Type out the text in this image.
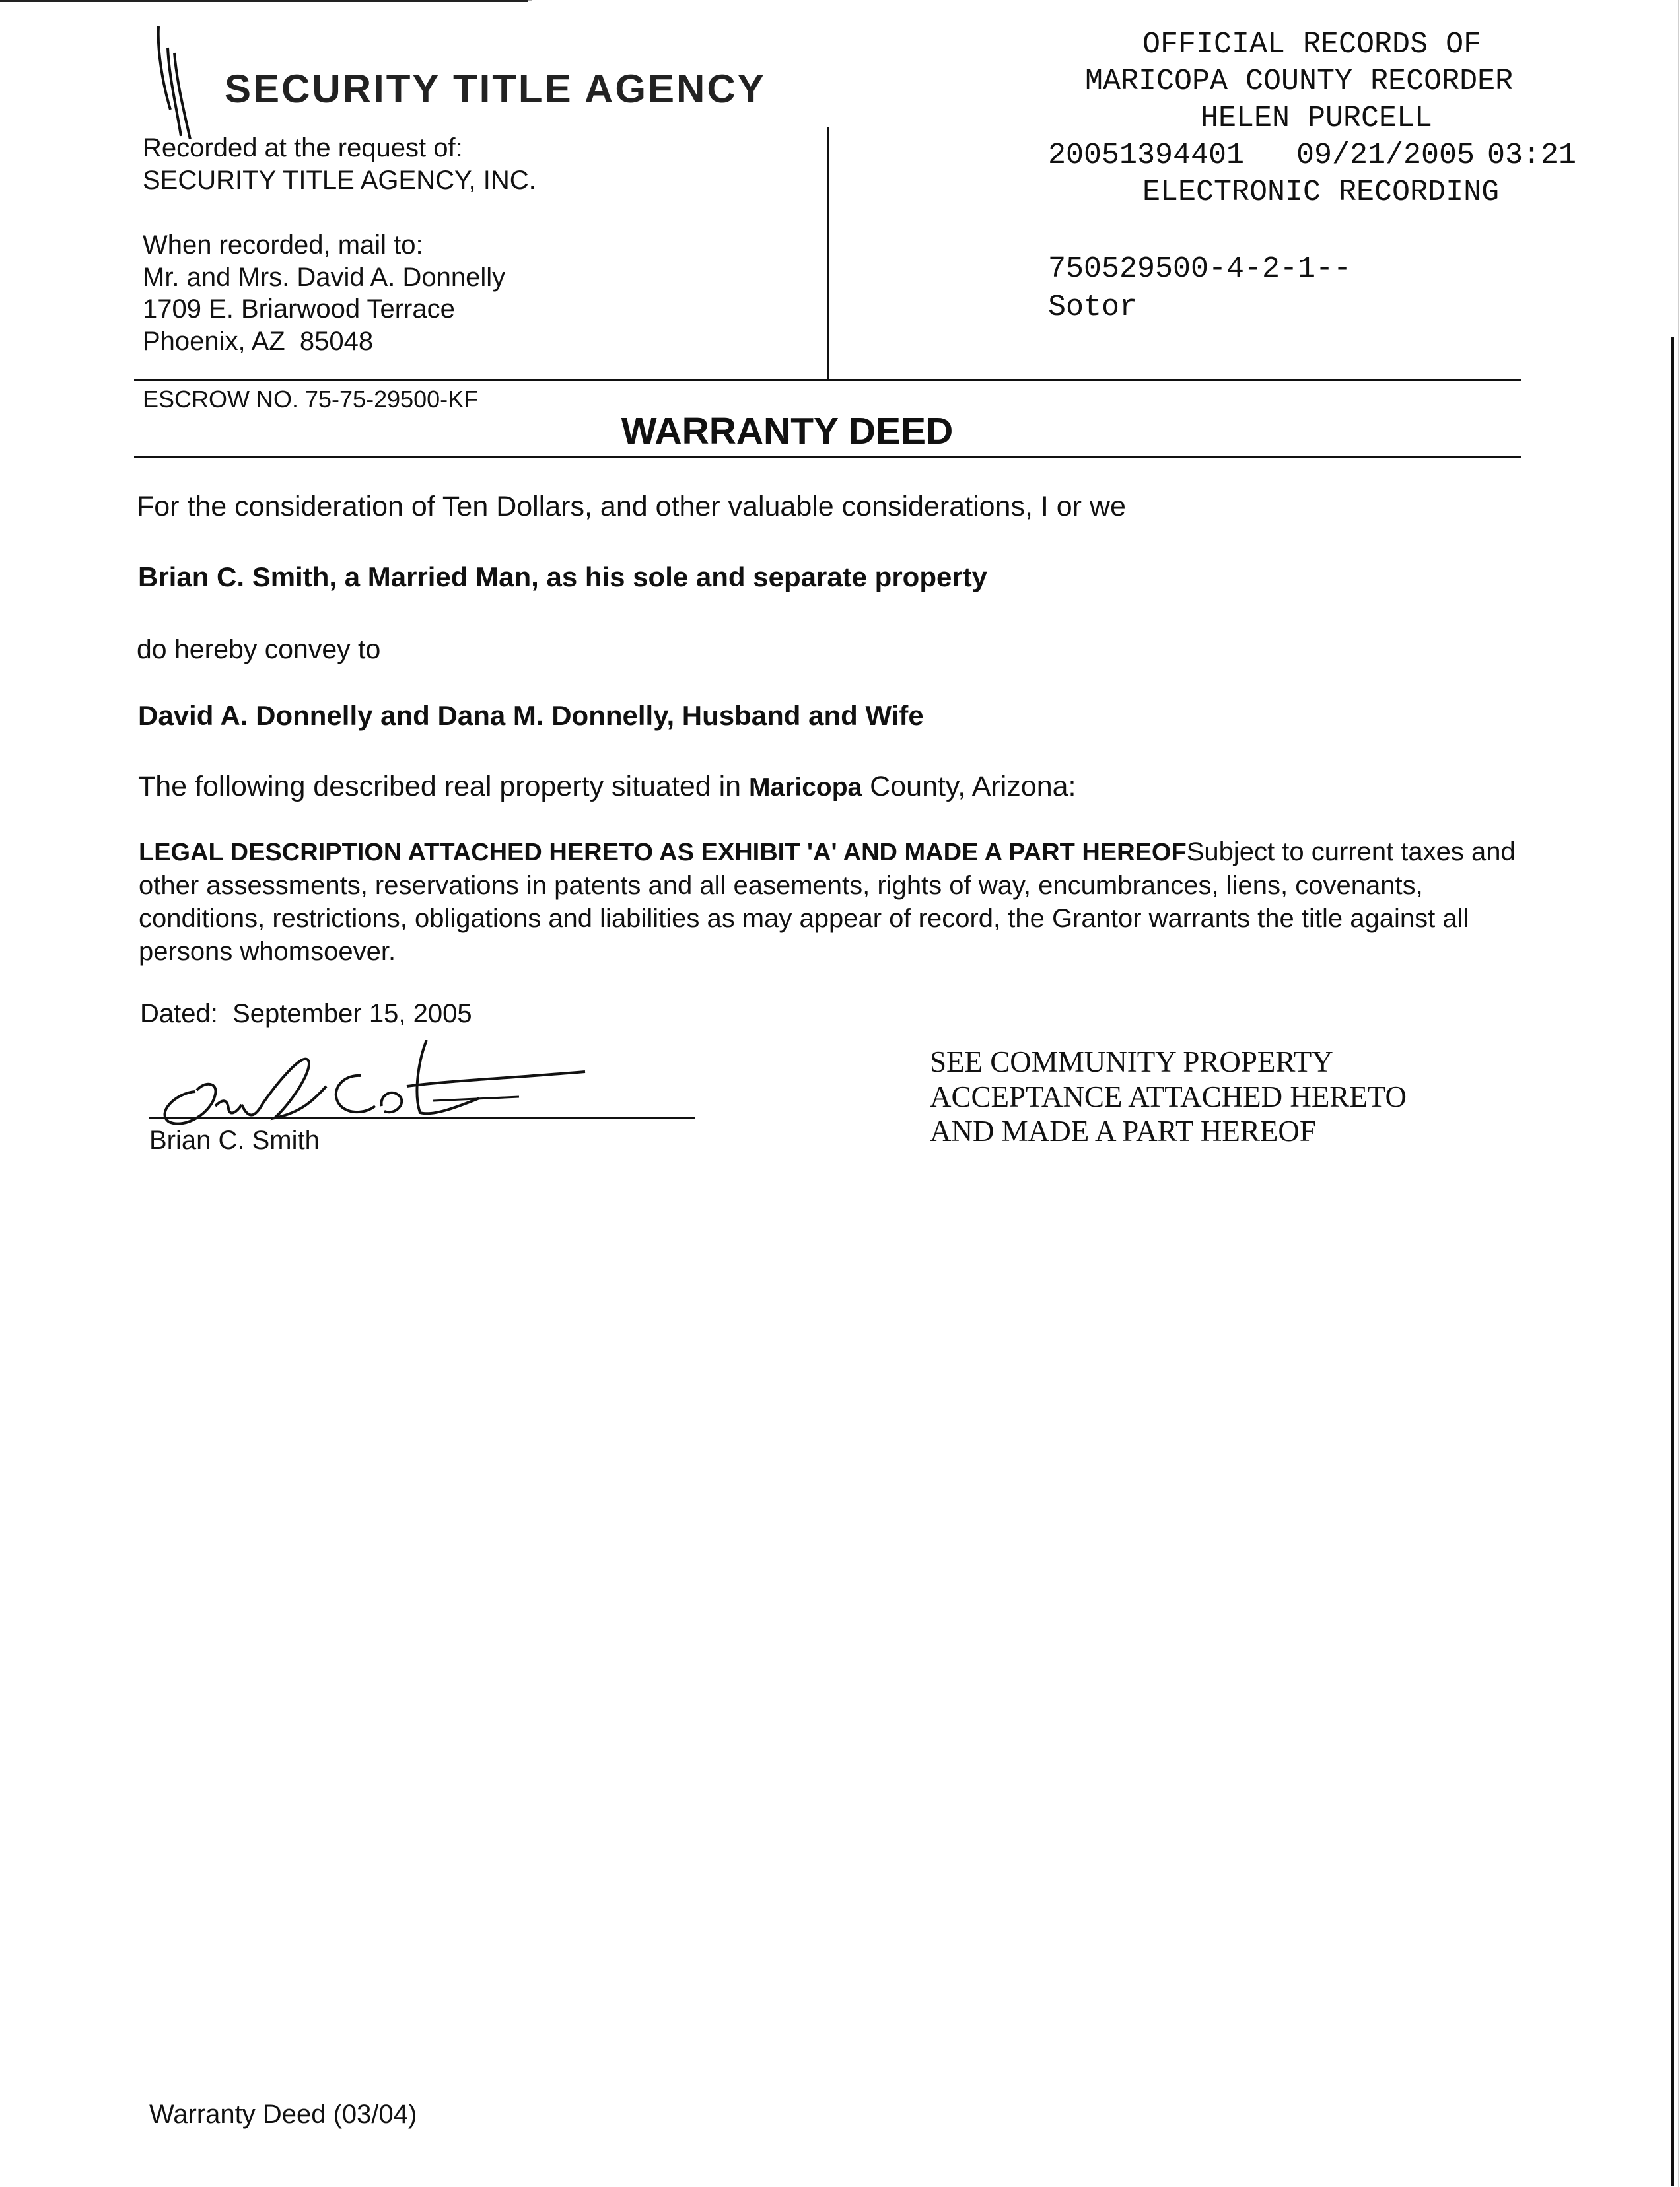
SECURITY TITLE AGENCY
Recorded at the request of:
SECURITY TITLE AGENCY, INC.
When recorded, mail to:
Mr. and Mrs. David A. Donnelly
1709 E. Briarwood Terrace
Phoenix, AZ  85048
OFFICIAL RECORDS OF
MARICOPA COUNTY RECORDER
HELEN PURCELL
20051394401 09/21/2005 03:21
ELECTRONIC RECORDING
750529500-4-2-1--
Sotor
ESCROW NO. 75-75-29500-KF
WARRANTY DEED
For the consideration of Ten Dollars, and other valuable considerations, I or we
Brian C. Smith, a Married Man, as his sole and separate property
do hereby convey to
David A. Donnelly and Dana M. Donnelly, Husband and Wife
The following described real property situated in Maricopa County, Arizona:
LEGAL DESCRIPTION ATTACHED HERETO AS EXHIBIT 'A' AND MADE A PART HEREOFSubject to current taxes and other assessments, reservations in patents and all easements, rights of way, encumbrances, liens, covenants, conditions, restrictions, obligations and liabilities as may appear of record, the Grantor warrants the title against all persons whomsoever.
Dated:  September 15, 2005
Brian C. Smith
SEE COMMUNITY PROPERTY
ACCEPTANCE ATTACHED HERETO
AND MADE A PART HEREOF
Warranty Deed (03/04)
